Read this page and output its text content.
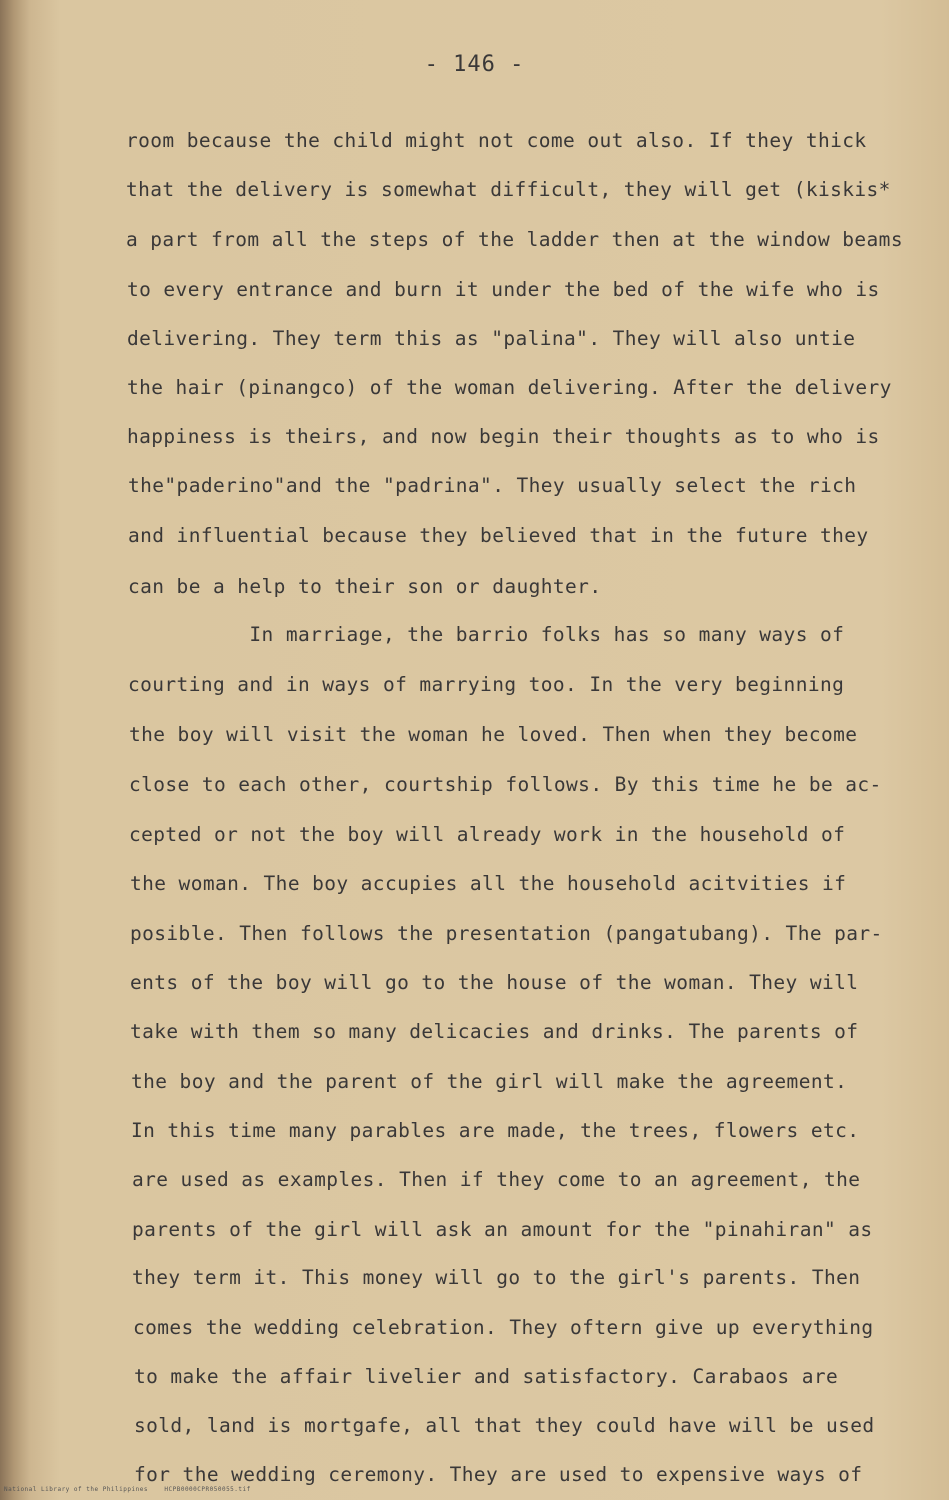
- 146 -
room because the child might not come out also. If they thick
that the delivery is somewhat difficult, they will get (kiskis*
a part from all the steps of the ladder then at the window beams
to every entrance and burn it under the bed of the wife who is
delivering. They term this as "palina". They will also untie
the hair (pinangco) of the woman delivering. After the delivery
happiness is theirs, and now begin their thoughts as to who is
the"paderino"and the "padrina". They usually select the rich
and influential because they believed that in the future they
can be a help to their son or daughter.
In marriage, the barrio folks has so many ways of
courting and in ways of marrying too. In the very beginning
the boy will visit the woman he loved. Then when they become
close to each other, courtship follows. By this time he be ac-
cepted or not the boy will already work in the household of
the woman. The boy accupies all the household acitvities if
posible. Then follows the presentation (pangatubang). The par-
ents of the boy will go to the house of the woman. They will
take with them so many delicacies and drinks. The parents of
the boy and the parent of the girl will make the agreement.
In this time many parables are made, the trees, flowers etc.
are used as examples. Then if they come to an agreement, the
parents of the girl will ask an amount for the "pinahiran" as
they term it. This money will go to the girl's parents. Then
comes the wedding celebration. They oftern give up everything
to make the affair livelier and satisfactory. Carabaos are
sold, land is mortgafe, all that they could have will be used
for the wedding ceremony. They are used to expensive ways of
National Library of the Philippines    HCPB0000CPR050055.tif
